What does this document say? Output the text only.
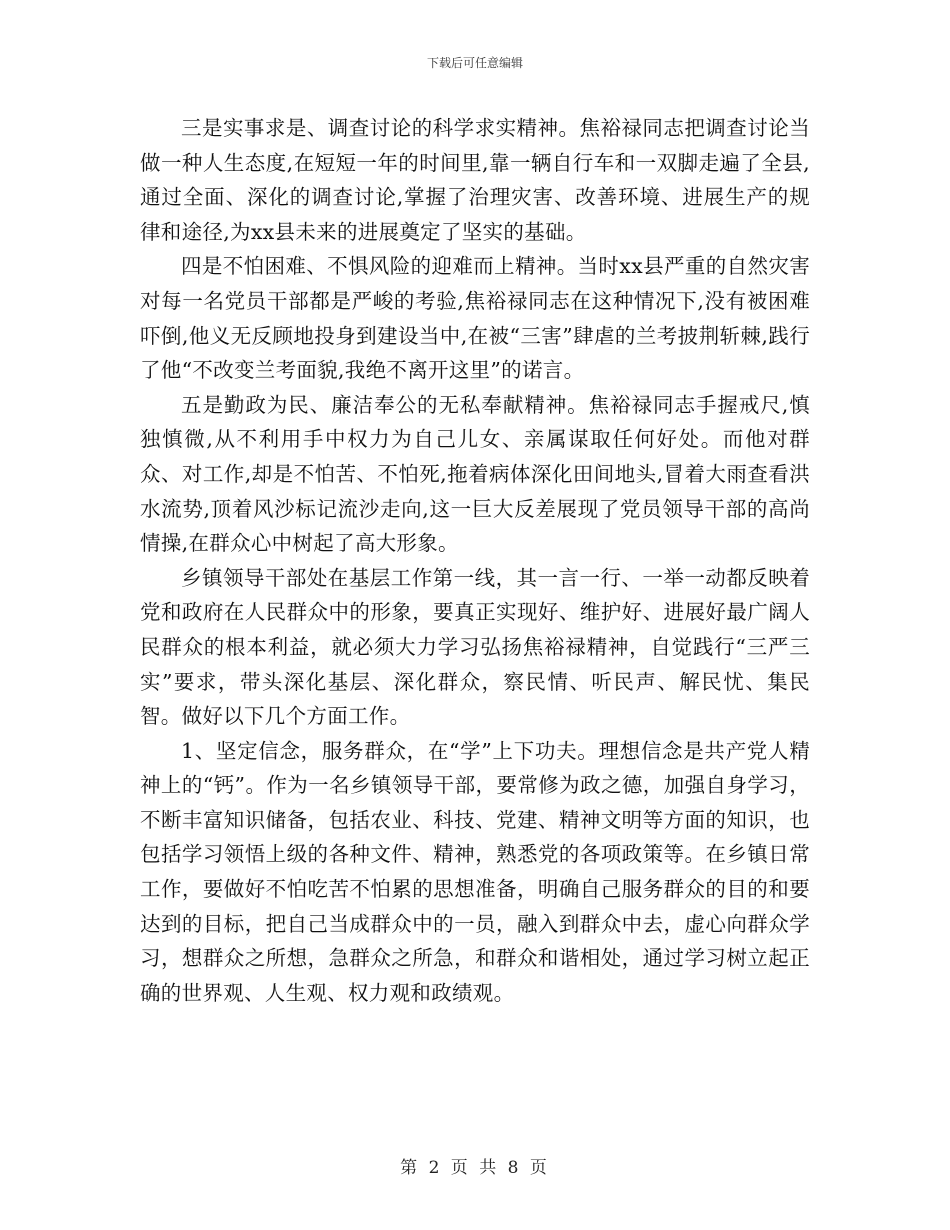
下载后可任意编辑

三是实事求是、调查讨论的科学求实精神。焦裕禄同志把调查讨论当做一种人生态度,在短短一年的时间里,靠一辆自行车和一双脚走遍了全县,通过全面、深化的调查讨论,掌握了治理灾害、改善环境、进展生产的规律和途径,为xx县未来的进展奠定了坚实的基础。

四是不怕困难、不惧风险的迎难而上精神。当时xx县严重的自然灾害对每一名党员干部都是严峻的考验,焦裕禄同志在这种情况下,没有被困难吓倒,他义无反顾地投身到建设当中,在被“三害”肆虐的兰考披荆斩棘,践行了他“不改变兰考面貌,我绝不离开这里”的诺言。

五是勤政为民、廉洁奉公的无私奉献精神。焦裕禄同志手握戒尺,慎独慎微,从不利用手中权力为自己儿女、亲属谋取任何好处。而他对群众、对工作,却是不怕苦、不怕死,拖着病体深化田间地头,冒着大雨查看洪水流势,顶着风沙标记流沙走向,这一巨大反差展现了党员领导干部的高尚情操,在群众心中树起了高大形象。

乡镇领导干部处在基层工作第一线，其一言一行、一举一动都反映着党和政府在人民群众中的形象，要真正实现好、维护好、进展好最广阔人民群众的根本利益，就必须大力学习弘扬焦裕禄精神，自觉践行“三严三实”要求，带头深化基层、深化群众，察民情、听民声、解民忧、集民智。做好以下几个方面工作。

1、坚定信念，服务群众，在“学”上下功夫。理想信念是共产党人精神上的“钙”。作为一名乡镇领导干部，要常修为政之德，加强自身学习，不断丰富知识储备，包括农业、科技、党建、精神文明等方面的知识，也包括学习领悟上级的各种文件、精神，熟悉党的各项政策等。在乡镇日常工作，要做好不怕吃苦不怕累的思想准备，明确自己服务群众的目的和要达到的目标，把自己当成群众中的一员，融入到群众中去，虚心向群众学习，想群众之所想，急群众之所急，和群众和谐相处，通过学习树立起正确的世界观、人生观、权力观和政绩观。

第 2 页 共 8 页
